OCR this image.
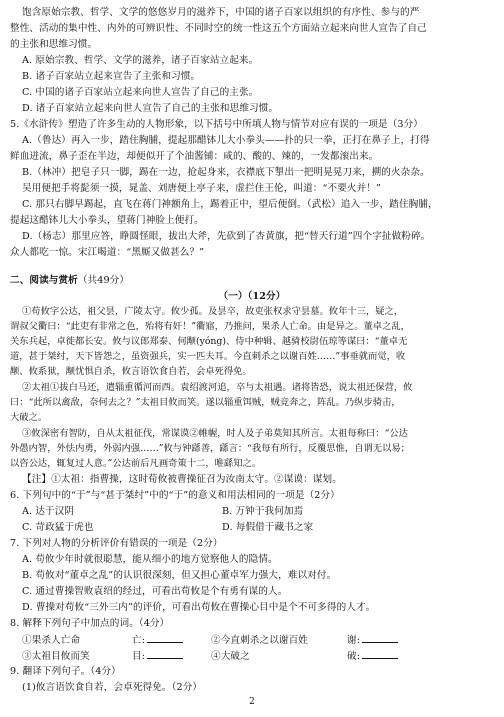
饱含原始宗教、哲学、文学的悠悠岁月的滋养下，中国的诸子百家以组织的有序性、参与的严
整性、活动的集中性、内外的可辨识性、不同时空的统一性这五个方面站立起来向世人宣告了自己
的主张和思维习惯。
A. 原始宗教、哲学、文学的滋养，诸子百家站立起来。
B. 诸子百家站立起来宣告了主张和习惯。
C. 中国的诸子百家站立起来向世人宣告了自己的主张。
D. 诸子百家站立起来向世人宣告了自己的主张和思维习惯。
5.《水浒传》塑造了许多生动的人物形象，以下括号中所填人物与情节对应有误的一项是（3分）
A.（鲁达）再入一步，踏住胸脯，提起那醋钵儿大小拳头——扑的只一拳，正打在鼻子上，打得
鲜血迸流，鼻子歪在半边，却便似开了个油酱铺：咸的、酸的、辣的，一发都滚出来。
B.（林冲）把皂子只一脚，踢在一边，抢起身来，衣襟底下掣出一把明晃晃刀来，搠的火杂杂。
吴用便把手将髭须一摸，晁盖、刘唐便上亭子来，虚拦住王伦，叫道：“不要火并！”
C. 那只右脚早踢起，直飞在蒋门神额角上，踢着正中，望后便倒。（武松）追入一步，踏住胸脯，
提起这醋钵儿大小拳头，望蒋门神脸上便打。
D.（杨志）那里应答，睁圆怪眼，拔出大斧，先砍到了杏黄旗，把“替天行道”四个字扯做粉碎。
众人都吃一惊。宋江喝道：“黑厮又做甚么？”
二、阅读与赏析（共49分）
（一）（12分）
①苟攸字公达，祖父昙，广陵太守。攸少孤。及昙卒，故吏张权求守昙墓。攸年十三，疑之，
谓叔父衢曰：“此吏有非常之色，殆将有奸！”衢寤，乃推问，果杀人亡命。由是异之。董卓之乱，
关东兵起，卓徙都长安。攸与议郎郑泰、何颙(yóng)、侍中种辑、越骑校尉伍琼等谋曰：“董卓无
道，甚于桀纣，天下皆怨之，虽资强兵，实一匹夫耳。今直刺杀之以谢百姓……”事垂就而觉，收
颙、攸系狱，颙忧惧自杀，攸言语饮食自若，会卓死得免。
②太祖①拔白马还，遣辎重循河而西。袁绍渡河追，卒与太祖遇。诸将皆恐，说太祖还保营，攸
曰：“此所以禽敌，奈何去之？”太祖目攸而笑。遂以辎重饵贼，贼竞奔之，阵乱。乃纵步骑击，
大破之。
③攸深密有智防，自从太祖征伐，常谋谟②帷幄，时人及子弟莫知其所言。太祖每称曰：“公达
外愚内智，外怯内勇，外弱内强……”攸与钟繇善，繇言：“我每有所行，反覆思惟，自谓无以易；
以咨公达，辄复过人意。”公达前后凡画奇策十二，唯繇知之。
【注】①太祖：指曹操，这时荀攸被曹操征召为汝南太守。②谋谟：谋划。
6. 下列句中的“于”与“甚于桀纣”中的“于”的意义和用法相同的一项是（2分）
A. 达于汉阴	B. 万钟于我何加焉
C. 苛政猛于虎也	D. 每假借于藏书之家
7. 下列对人物的分析评价有错误的一项是（2分）
A. 苟攸少年时就很聪慧，能从细小的地方觉察他人的隐情。
B. 苟攸对“董卓之乱”的认识很深刻，但又担心董卓军力强大，难以对付。
C. 通过曹操智败袁绍的经过，可看出苟攸是个有勇有谋的人。
D. 曹操对苟攸“三外三内”的评价，可看出苟攸在曹操心目中是个不可多得的人才。
8. 解释下列句子中加点的词。（4分）
①果杀人亡命	亡:	②今直刺杀之以谢百姓	谢:
③太祖目攸而笑	目:	④大破之	破:
9. 翻译下列句子。（4分）
(1)攸言语饮食自若，会卓死得免。（2分）
2
